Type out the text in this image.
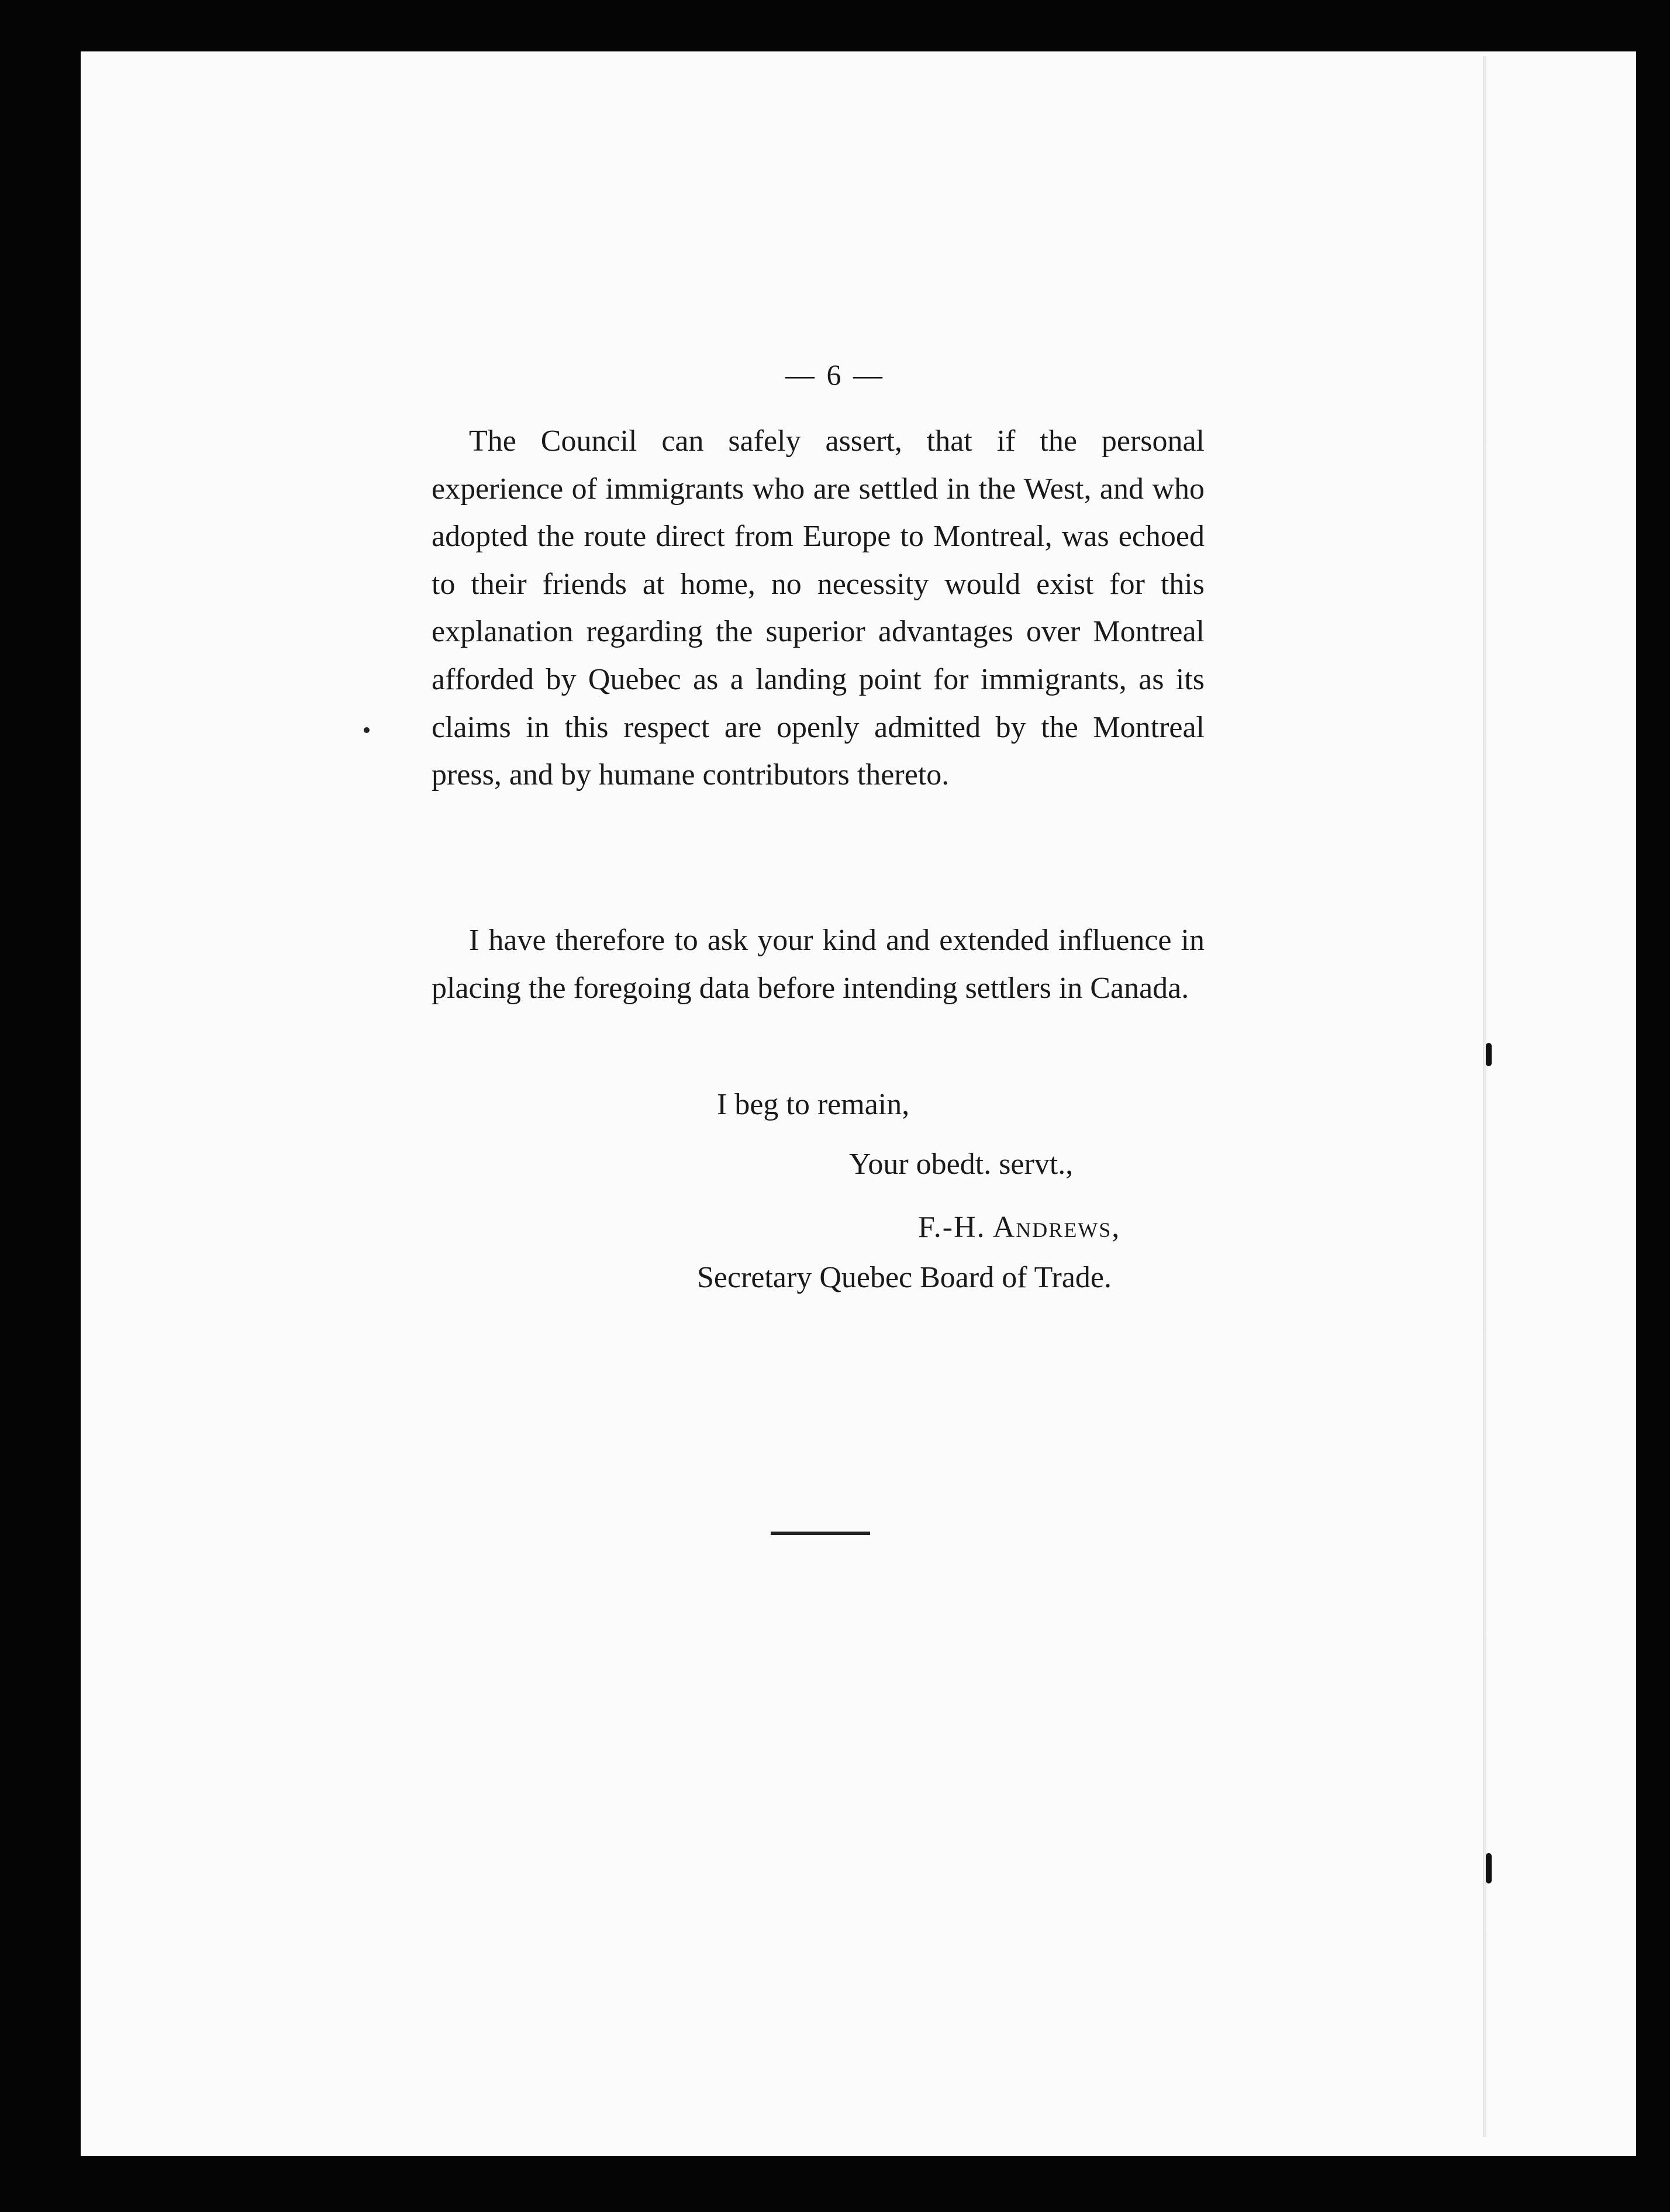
— 6 —

The Council can safely assert, that if the personal experience of immigrants who are settled in the West, and who adopted the route direct from Europe to Montreal, was echoed to their friends at home, no necessity would exist for this explanation regarding the superior advantages over Montreal afforded by Quebec as a landing point for immigrants, as its claims in this respect are openly admitted by the Montreal press, and by humane contributors thereto.

I have therefore to ask your kind and extended influence in placing the foregoing data before intending settlers in Canada.

I beg to remain,
Your obedt. servt.,
F.-H. Andrews,
Secretary Quebec Board of Trade.
